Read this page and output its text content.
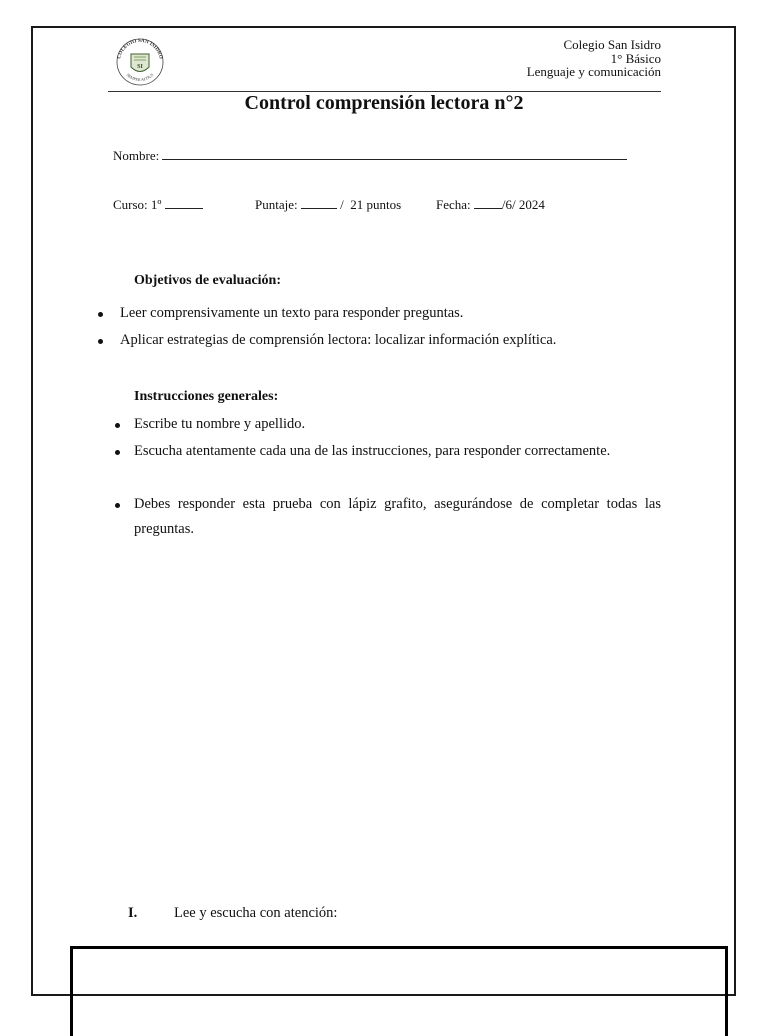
COLEGIO SAN ISIDRO
SEMPER ALTIUS
SI
Colegio San Isidro
1° Básico
Lenguaje y comunicación
Control comprensión lectora n°2
Nombre:
Curso: 1º	Puntaje:	/ 21 puntos	Fecha: /6/ 2024
Objetivos de evaluación:
Leer comprensivamente un texto para responder preguntas.
Aplicar estrategias de comprensión lectora: localizar información explítica.
Instrucciones generales:
Escribe tu nombre y apellido.
Escucha atentamente cada una de las instrucciones, para responder correctamente.
Debes responder esta prueba con lápiz grafito, asegurándose de completar todas las preguntas.
I.	Lee y escucha con atención:
